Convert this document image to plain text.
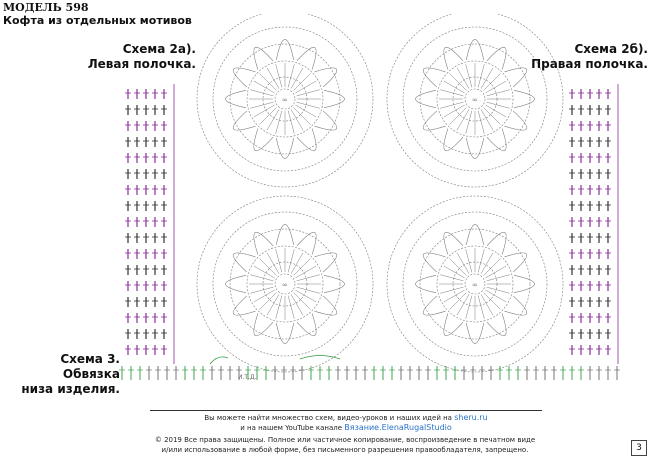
МОДЕЛЬ 598
Кофта из отдельных мотивов
∞	∞
∞	∞
И.Т.Д.
Схема 2а).
Левая полочка.
Схема 2б).
Правая полочка.
Схема 3.
Обвязка
низа изделия.
Вы можете найти множество схем, видео-уроков и наших идей на sheru.ru
и на нашем YouTube канале Вязание.ElenaRugalStudio
© 2019 Все права защищены. Полное или частичное копирование, воспроизведение в печатном виде
и/или использование в любой форме, без письменного разрешения правообладателя, запрещено.	3
